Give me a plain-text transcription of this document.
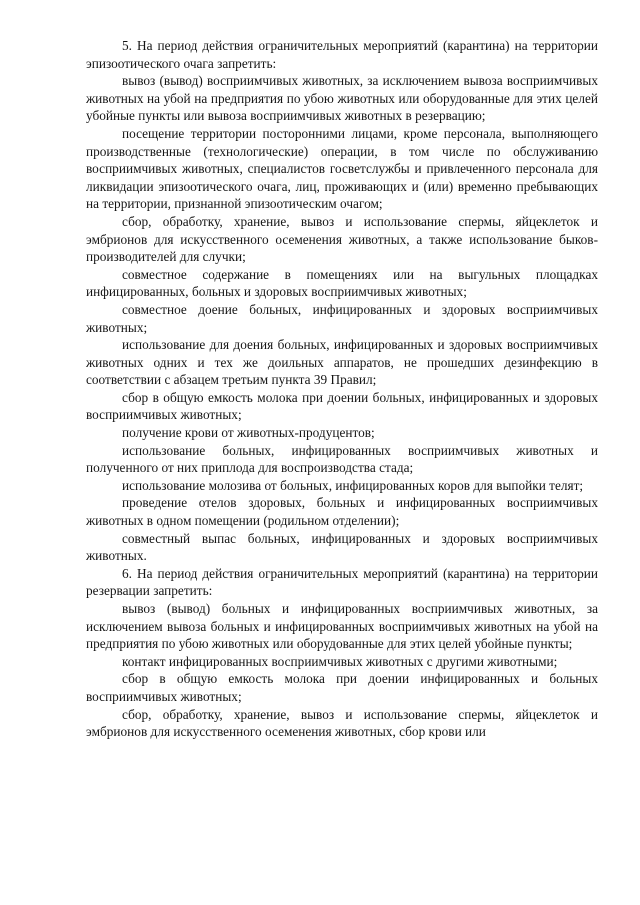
5. На период действия ограничительных мероприятий (карантина) на территории эпизоотического очага запретить:

вывоз (вывод) восприимчивых животных, за исключением вывоза восприимчивых животных на убой на предприятия по убою животных или оборудованные для этих целей убойные пункты или вывоза восприимчивых животных в резервацию;

посещение территории посторонними лицами, кроме персонала, выполняющего производственные (технологические) операции, в том числе по обслуживанию восприимчивых животных, специалистов госветслужбы и привлеченного персонала для ликвидации эпизоотического очага, лиц, проживающих и (или) временно пребывающих на территории, признанной эпизоотическим очагом;

сбор, обработку, хранение, вывоз и использование спермы, яйцеклеток и эмбрионов для искусственного осеменения животных, а также использование быков-производителей для случки;

совместное содержание в помещениях или на выгульных площадках инфицированных, больных и здоровых восприимчивых животных;

совместное доение больных, инфицированных и здоровых восприимчивых животных;

использование для доения больных, инфицированных и здоровых восприимчивых животных одних и тех же доильных аппаратов, не прошедших дезинфекцию в соответствии с абзацем третьим пункта 39 Правил;

сбор в общую емкость молока при доении больных, инфицированных и здоровых восприимчивых животных;

получение крови от животных-продуцентов;

использование больных, инфицированных восприимчивых животных и полученного от них приплода для воспроизводства стада;

использование молозива от больных, инфицированных коров для выпойки телят;

проведение отелов здоровых, больных и инфицированных восприимчивых животных в одном помещении (родильном отделении);

совместный выпас больных, инфицированных и здоровых восприимчивых животных.

6. На период действия ограничительных мероприятий (карантина) на территории резервации запретить:

вывоз (вывод) больных и инфицированных восприимчивых животных, за исключением вывоза больных и инфицированных восприимчивых животных на убой на предприятия по убою животных или оборудованные для этих целей убойные пункты;

контакт инфицированных восприимчивых животных с другими животными;

сбор в общую емкость молока при доении инфицированных и больных восприимчивых животных;

сбор, обработку, хранение, вывоз и использование спермы, яйцеклеток и эмбрионов для искусственного осеменения животных, сбор крови или
